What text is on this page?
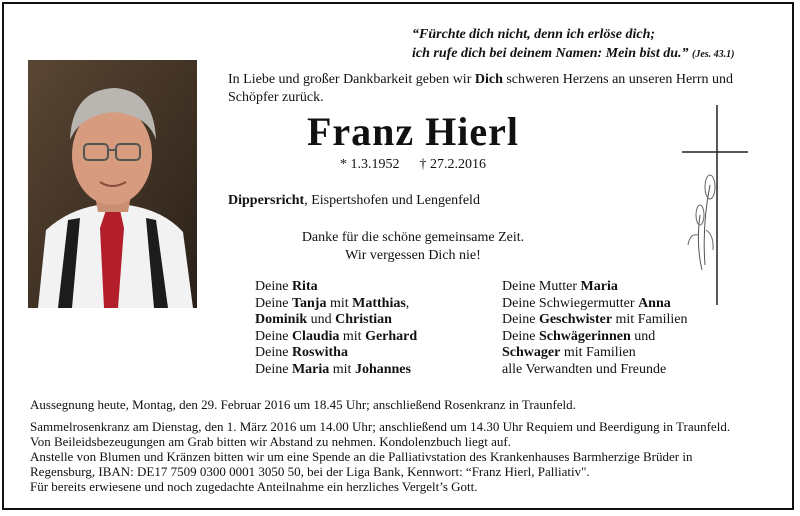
“Fürchte dich nicht, denn ich erlöse dich;
ich rufe dich bei deinem Namen: Mein bist du.” (Jes. 43.1)
In Liebe und großer Dankbarkeit geben wir Dich schweren Herzens an unseren Herrn und Schöpfer zurück.
Franz Hierl
* 1.3.1952 † 27.2.2016
Dippersricht, Eispertshofen und Lengenfeld
Danke für die schöne gemeinsame Zeit.
Wir vergessen Dich nie!
Deine Rita
Deine Tanja mit Matthias,
Dominik und Christian
Deine Claudia mit Gerhard
Deine Roswitha
Deine Maria mit Johannes
Deine Mutter Maria
Deine Schwiegermutter Anna
Deine Geschwister mit Familien
Deine Schwägerinnen und
Schwager mit Familien
alle Verwandten und Freunde

Aussegnung heute, Montag, den 29. Februar 2016 um 18.45 Uhr; anschließend Rosenkranz in Traunfeld.

Sammelrosenkranz am Dienstag, den 1. März 2016 um 14.00 Uhr; anschließend um 14.30 Uhr Requiem und Beerdigung in Traunfeld.

Von Beileidsbezeugungen am Grab bitten wir Abstand zu nehmen. Kondolenzbuch liegt auf.

Anstelle von Blumen und Kränzen bitten wir um eine Spende an die Palliativstation des Krankenhauses Barmherzige Brüder in

Regensburg, IBAN: DE17 7509 0300 0001 3050 50, bei der Liga Bank, Kennwort: “Franz Hierl, Palliativ".

Für bereits erwiesene und noch zugedachte Anteilnahme ein herzliches Vergelt’s Gott.
